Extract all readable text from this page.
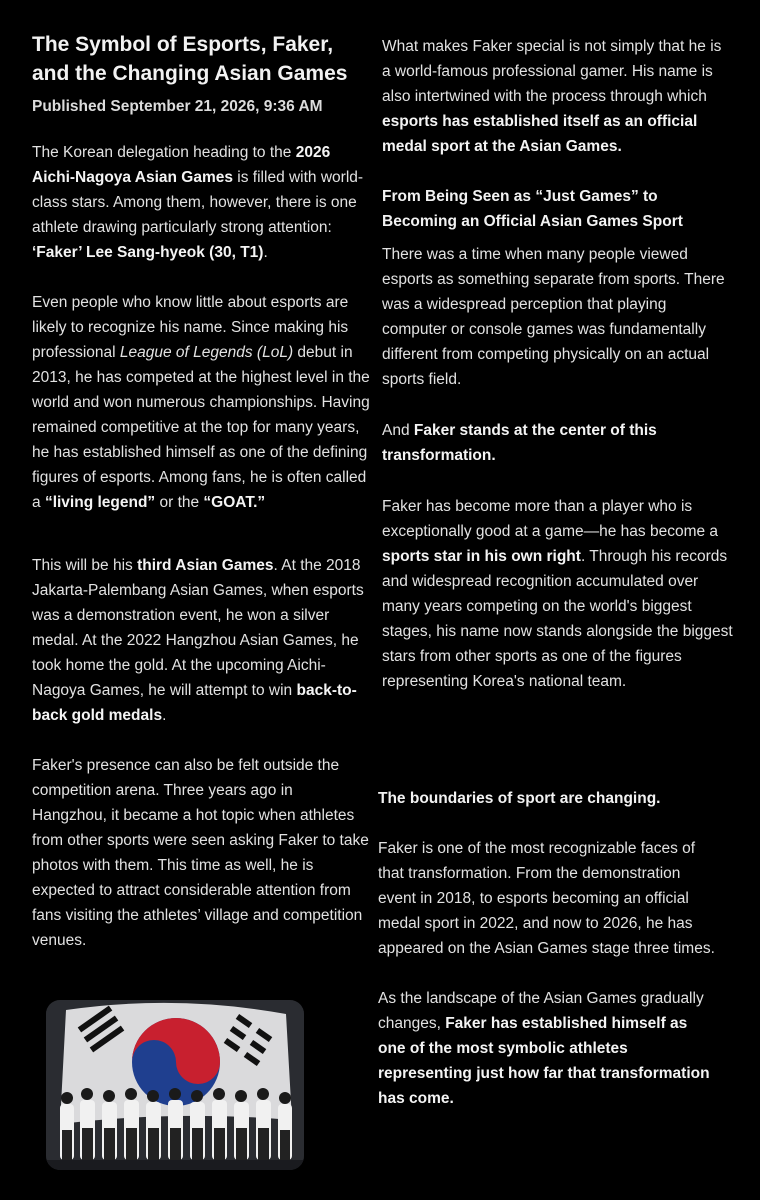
The Symbol of Esports, Faker, and the Changing Asian Games
Published September 21, 2026, 9:36 AM

The Korean delegation heading to the 2026 Aichi-Nagoya Asian Games is filled with world-class stars. Among them, however, there is one athlete drawing particularly strong attention: ‘Faker’ Lee Sang-hyeok (30, T1).

Even people who know little about esports are likely to recognize his name. Since making his professional League of Legends (LoL) debut in 2013, he has competed at the highest level in the world and won numerous championships. Having remained competitive at the top for many years, he has established himself as one of the defining figures of esports. Among fans, he is often called a “living legend” or the “GOAT.”

This will be his third Asian Games. At the 2018 Jakarta-Palembang Asian Games, when esports was a demonstration event, he won a silver medal. At the 2022 Hangzhou Asian Games, he took home the gold. At the upcoming Aichi-Nagoya Games, he will attempt to win back-to-back gold medals.

Faker's presence can also be felt outside the competition arena. Three years ago in Hangzhou, it became a hot topic when athletes from other sports were seen asking Faker to take photos with them. This time as well, he is expected to attract considerable attention from fans visiting the athletes’ village and competition venues.

What makes Faker special is not simply that he is a world-famous professional gamer. His name is also intertwined with the process through which esports has established itself as an official medal sport at the Asian Games.

From Being Seen as “Just Games” to Becoming an Official Asian Games Sport

There was a time when many people viewed esports as something separate from sports. There was a widespread perception that playing computer or console games was fundamentally different from competing physically on an actual sports field.

And Faker stands at the center of this transformation.

Faker has become more than a player who is exceptionally good at a game—he has become a sports star in his own right. Through his records and widespread recognition accumulated over many years competing on the world's biggest stages, his name now stands alongside the biggest stars from other sports as one of the figures representing Korea's national team.

The boundaries of sport are changing.

Faker is one of the most recognizable faces of that transformation. From the demonstration event in 2018, to esports becoming an official medal sport in 2022, and now to 2026, he has appeared on the Asian Games stage three times.

As the landscape of the Asian Games gradually changes, Faker has established himself as one of the most symbolic athletes representing just how far that transformation has come.
